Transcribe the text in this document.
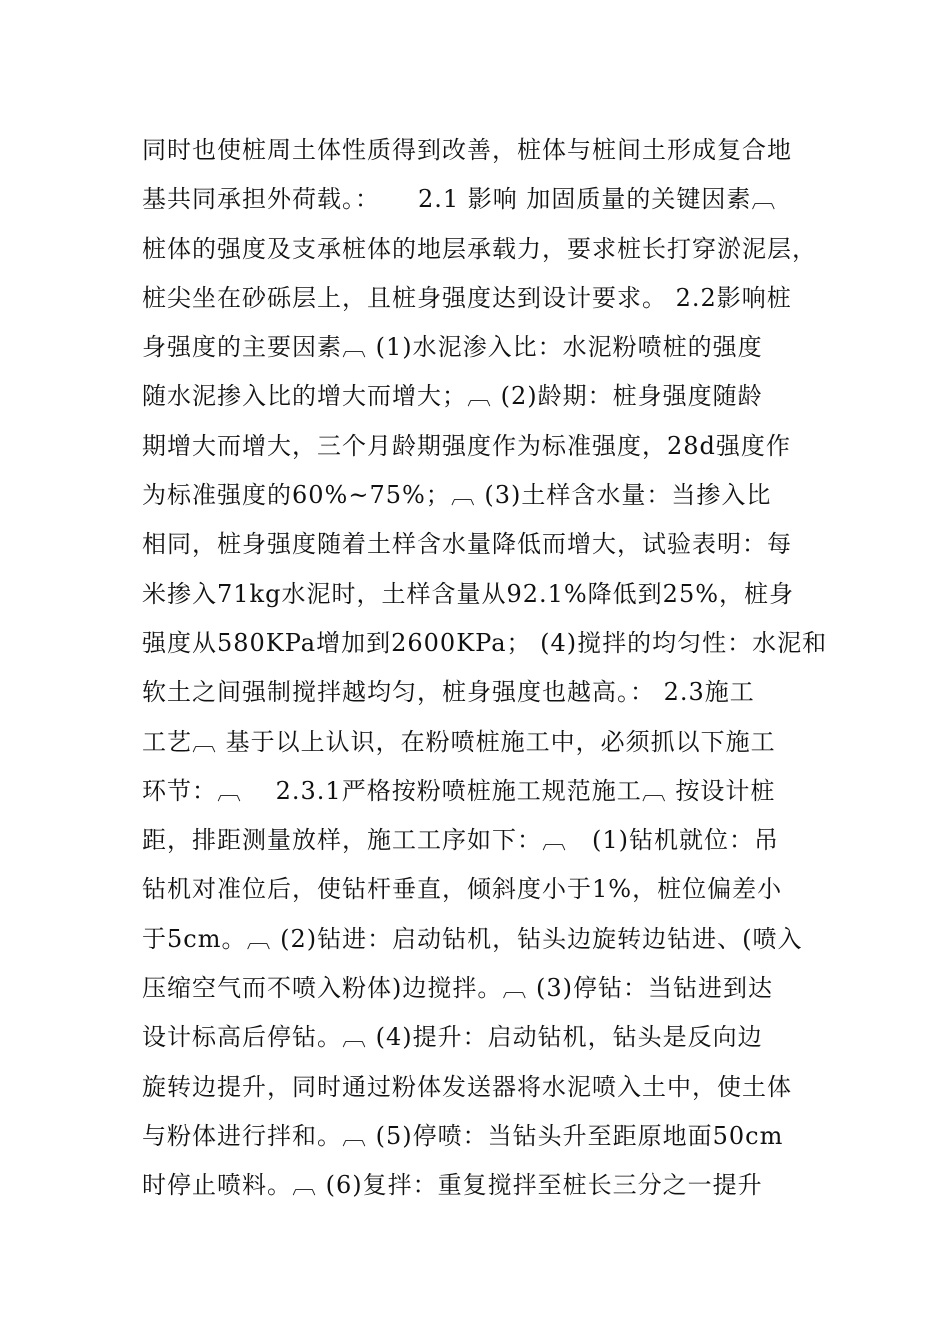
同时也使桩周土体性质得到改善，桩体与桩间土形成复合地
基共同承担外荷载。：　　2.1 影响 加固质量的关键因素︹
桩体的强度及支承桩体的地层承载力，要求桩长打穿淤泥层，
桩尖坐在砂砾层上，且桩身强度达到设计要求。 2.2影响桩
身强度的主要因素︹ (1)水泥渗入比：水泥粉喷桩的强度
随水泥掺入比的增大而增大；︹ (2)龄期：桩身强度随龄
期增大而增大，三个月龄期强度作为标准强度，28d强度作
为标准强度的60%~75%；︹ (3)土样含水量：当掺入比
相同，桩身强度随着土样含水量降低而增大，试验表明：每
米掺入71kg水泥时，土样含量从92.1%降低到25%，桩身
强度从580KPa增加到2600KPa； (4)搅拌的均匀性：水泥和
软土之间强制搅拌越均匀，桩身强度也越高。： 2.3施工
工艺︹ 基于以上认识，在粉喷桩施工中，必须抓以下施工
环节：︹　 2.3.1严格按粉喷桩施工规范施工︹ 按设计桩
距，排距测量放样，施工工序如下：︹　(1)钻机就位：吊
钻机对准位后，使钻杆垂直，倾斜度小于1%，桩位偏差小
于5cm。︹ (2)钻进：启动钻机，钻头边旋转边钻进、(喷入
压缩空气而不喷入粉体)边搅拌。︹ (3)停钻：当钻进到达
设计标高后停钻。︹ (4)提升：启动钻机，钻头是反向边
旋转边提升，同时通过粉体发送器将水泥喷入土中，使土体
与粉体进行拌和。︹ (5)停喷：当钻头升至距原地面50cm
时停止喷料。︹ (6)复拌：重复搅拌至桩长三分之一提升
